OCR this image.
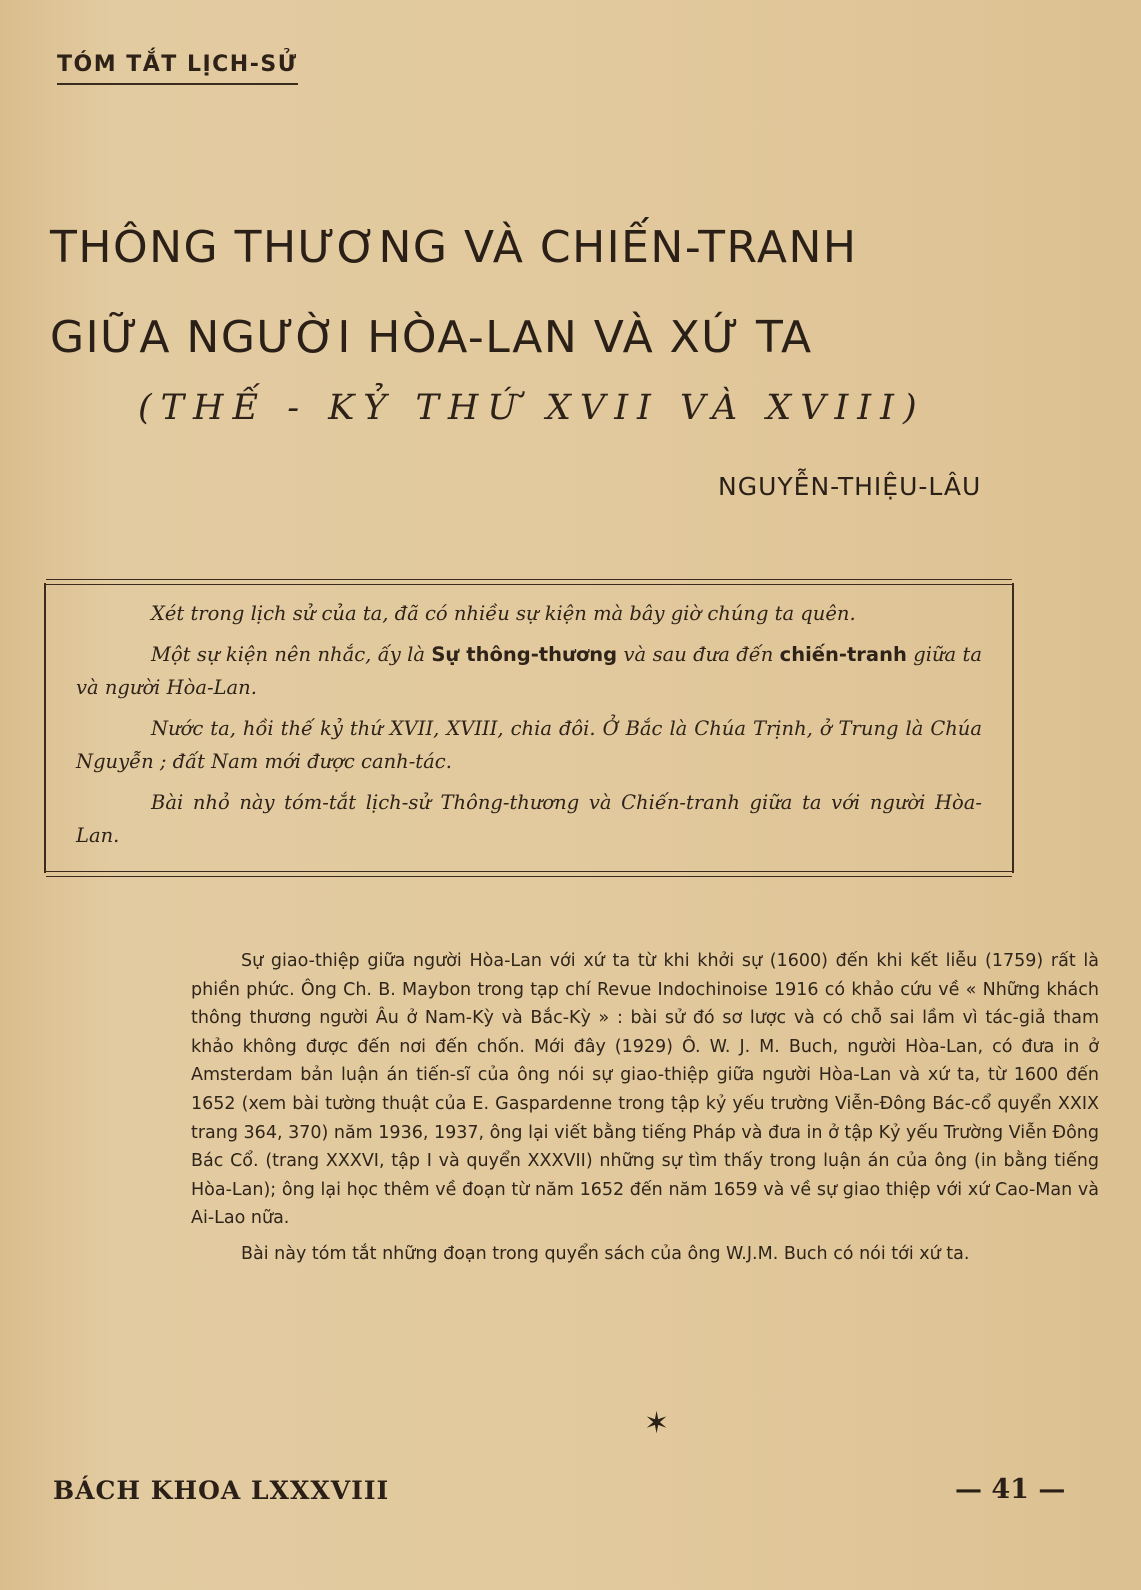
TÓM TẮT LỊCH-SỬ
THÔNG THƯƠNG VÀ CHIẾN-TRANH
GIỮA NGƯỜI HÒA-LAN VÀ XỨ TA
(THẾ - KỶ THỨ XVII VÀ XVIII)
NGUYỄN-THIỆU-LÂU

Xét trong lịch sử của ta, đã có nhiều sự kiện mà bây giờ chúng ta quên.

Một sự kiện nên nhắc, ấy là Sự thông-thương và sau đưa đến chiến-tranh giữa ta và người Hòa-Lan.

Nước ta, hồi thế kỷ thứ XVII, XVIII, chia đôi. Ở Bắc là Chúa Trịnh, ở Trung là Chúa Nguyễn ; đất Nam mới được canh-tác.

Bài nhỏ này tóm-tắt lịch-sử Thông-thương và Chiến-tranh giữa ta với người Hòa-Lan.

Sự giao-thiệp giữa người Hòa-Lan với xứ ta từ khi khởi sự (1600) đến khi kết liễu (1759) rất là phiền phức. Ông Ch. B. Maybon trong tạp chí Revue Indochinoise 1916 có khảo cứu về « Những khách thông thương người Âu ở Nam-Kỳ và Bắc-Kỳ » : bài sử đó sơ lược và có chỗ sai lầm vì tác-giả tham khảo không được đến nơi đến chốn. Mới đây (1929) Ô. W. J. M. Buch, người Hòa-Lan, có đưa in ở Amsterdam bản luận án tiến-sĩ của ông nói sự giao-thiệp giữa người Hòa-Lan và xứ ta, từ 1600 đến 1652 (xem bài tường thuật của E. Gaspardenne trong tập kỷ yếu trường Viễn-Đông Bác-cổ quyển XXIX trang 364, 370) năm 1936, 1937, ông lại viết bằng tiếng Pháp và đưa in ở tập Kỷ yếu Trường Viễn Đông Bác Cổ. (trang XXXVI, tập I và quyển XXXVII) những sự tìm thấy trong luận án của ông (in bằng tiếng Hòa-Lan); ông lại học thêm về đoạn từ năm 1652 đến năm 1659 và về sự giao thiệp với xứ Cao-Man và Ai-Lao nữa.

Bài này tóm tắt những đoạn trong quyển sách của ông W.J.M. Buch có nói tới xứ ta.

✶
BÁCH KHOA LXXXVIII	— 41 —
